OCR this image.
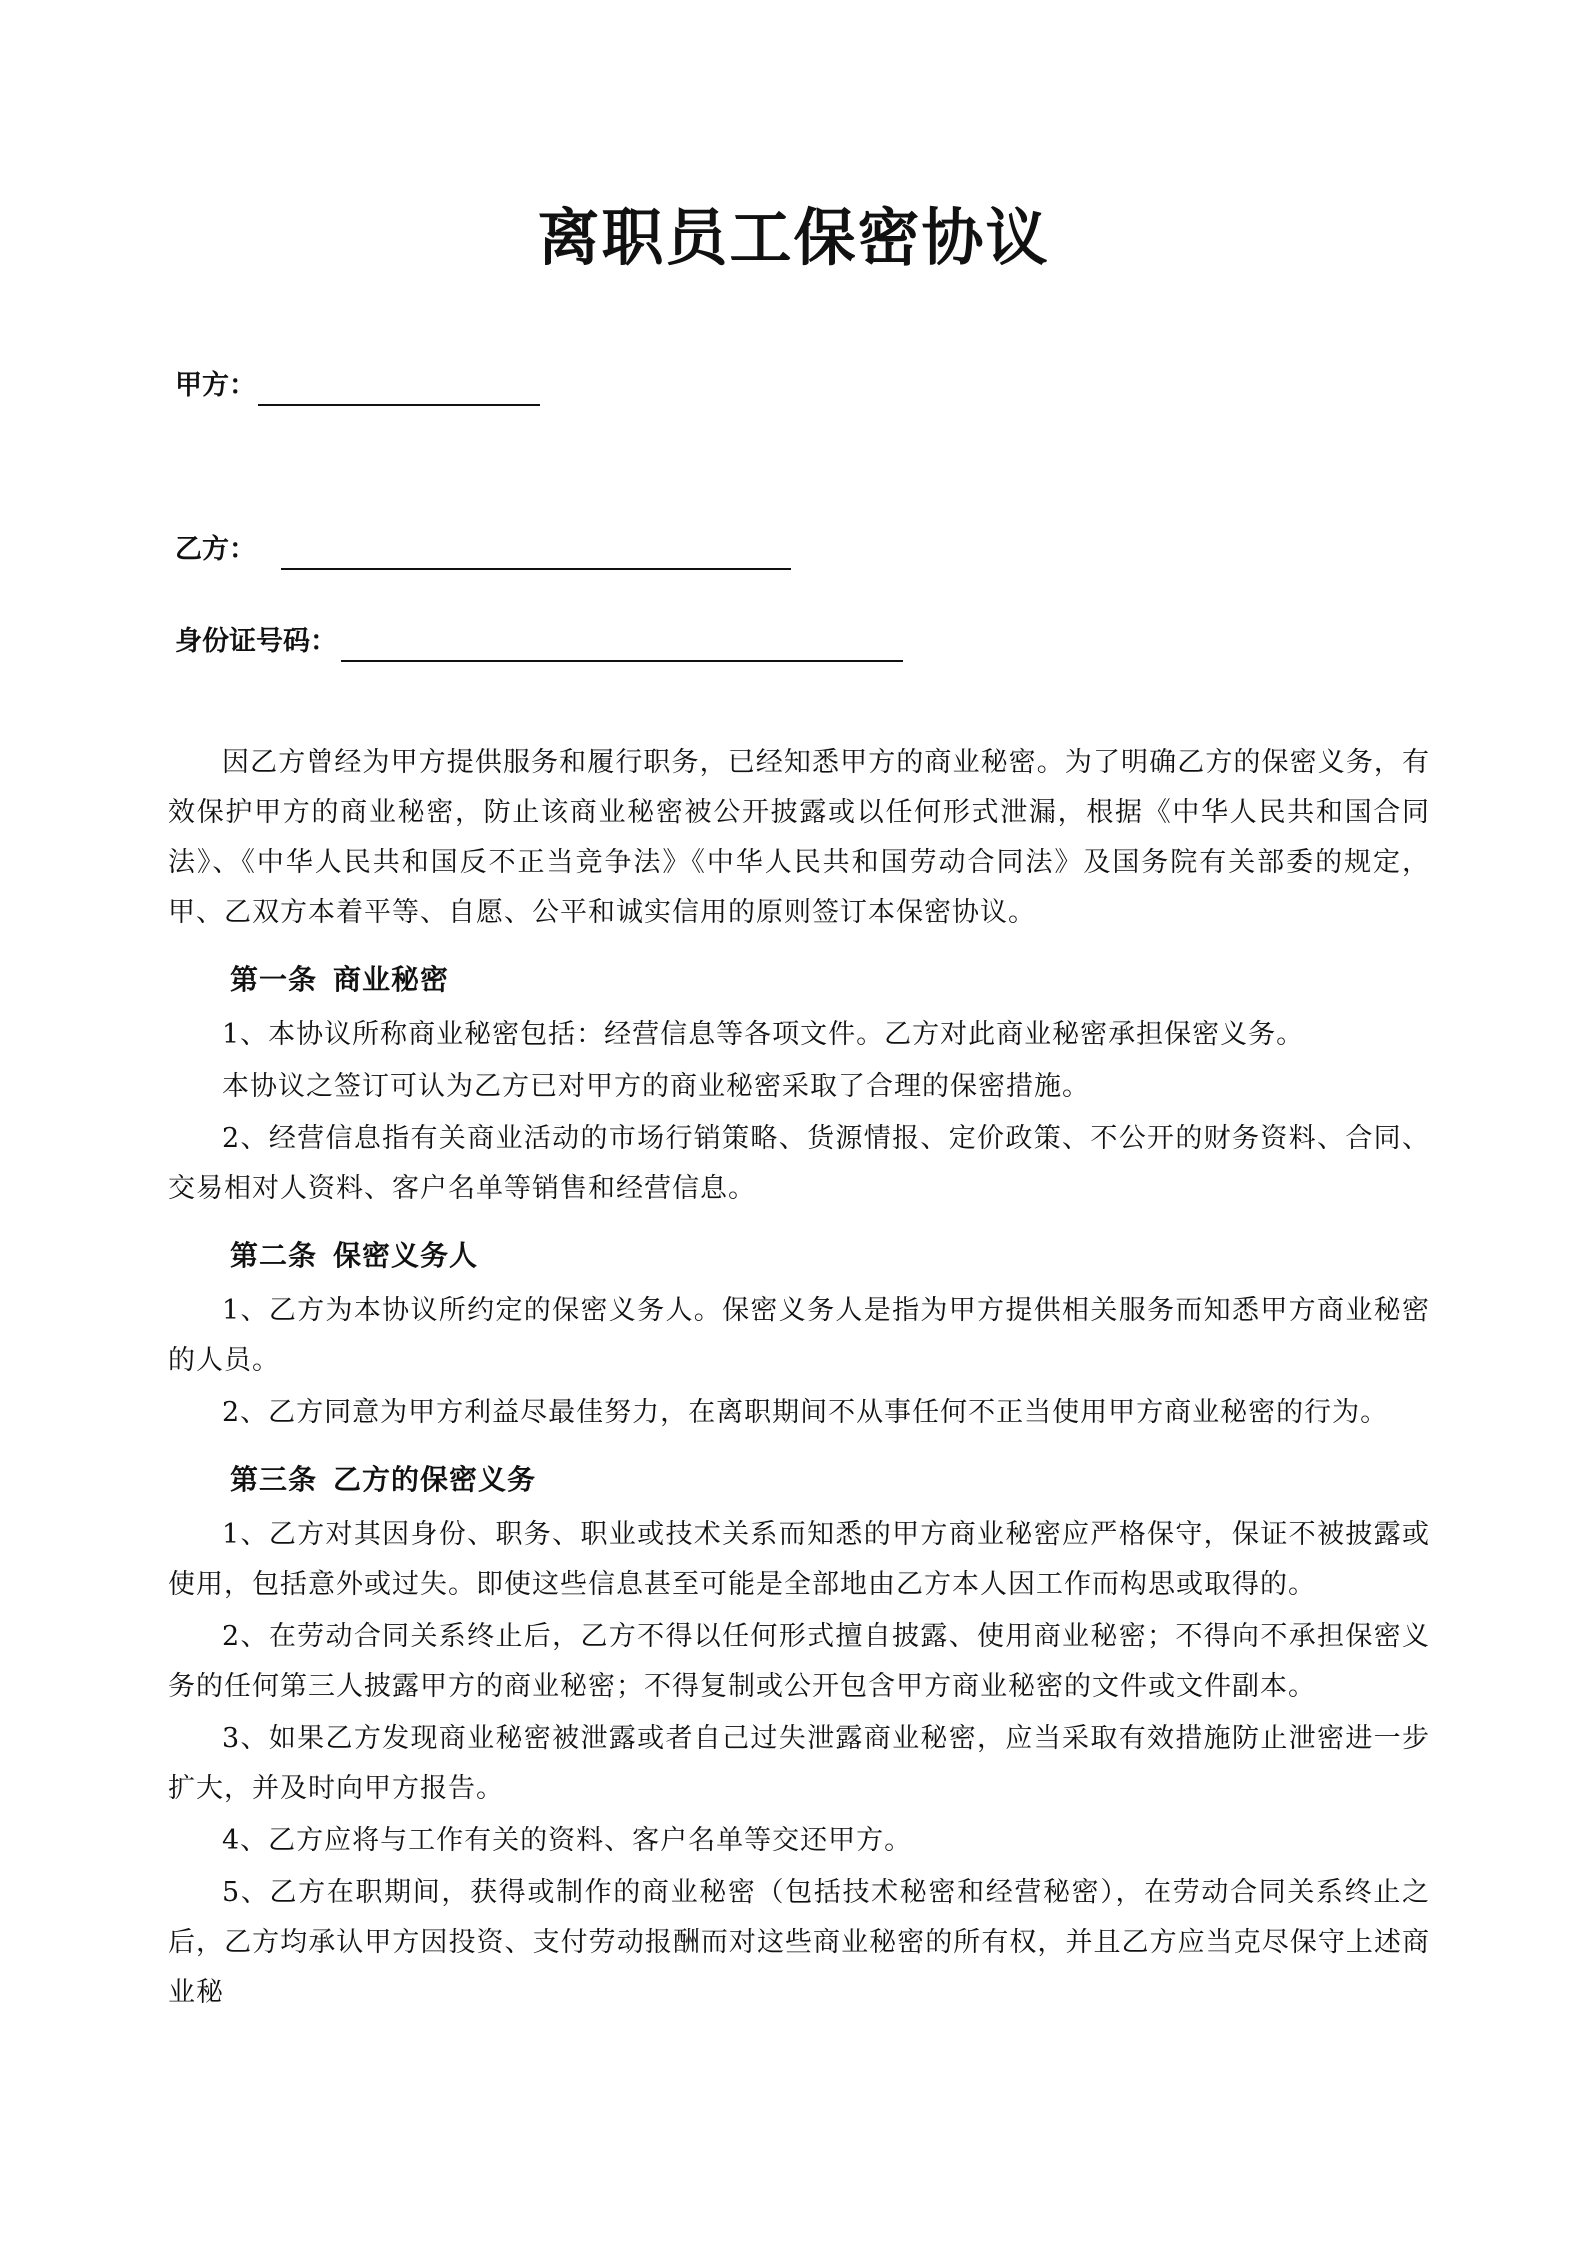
离职员工保密协议
甲方：
乙方：
身份证号码：

因乙方曾经为甲方提供服务和履行职务，已经知悉甲方的商业秘密。为了明确乙方的保密义务，有效保护甲方的商业秘密，防止该商业秘密被公开披露或以任何形式泄漏，根据《中华人民共和国合同法》、《中华人民共和国反不正当竞争法》《中华人民共和国劳动合同法》及国务院有关部委的规定，甲、乙双方本着平等、自愿、公平和诚实信用的原则签订本保密协议。

第一条 商业秘密

1、本协议所称商业秘密包括：经营信息等各项文件。乙方对此商业秘密承担保密义务。

本协议之签订可认为乙方已对甲方的商业秘密采取了合理的保密措施。

2、经营信息指有关商业活动的市场行销策略、货源情报、定价政策、不公开的财务资料、合同、交易相对人资料、客户名单等销售和经营信息。

第二条 保密义务人

1、乙方为本协议所约定的保密义务人。保密义务人是指为甲方提供相关服务而知悉甲方商业秘密的人员。

2、乙方同意为甲方利益尽最佳努力，在离职期间不从事任何不正当使用甲方商业秘密的行为。

第三条 乙方的保密义务

1、乙方对其因身份、职务、职业或技术关系而知悉的甲方商业秘密应严格保守，保证不被披露或使用，包括意外或过失。即使这些信息甚至可能是全部地由乙方本人因工作而构思或取得的。

2、在劳动合同关系终止后，乙方不得以任何形式擅自披露、使用商业秘密；不得向不承担保密义务的任何第三人披露甲方的商业秘密；不得复制或公开包含甲方商业秘密的文件或文件副本。

3、如果乙方发现商业秘密被泄露或者自己过失泄露商业秘密，应当采取有效措施防止泄密进一步扩大，并及时向甲方报告。

4、乙方应将与工作有关的资料、客户名单等交还甲方。

5、乙方在职期间，获得或制作的商业秘密（包括技术秘密和经营秘密），在劳动合同关系终止之后，乙方均承认甲方因投资、支付劳动报酬而对这些商业秘密的所有权，并且乙方应当克尽保守上述商业秘
